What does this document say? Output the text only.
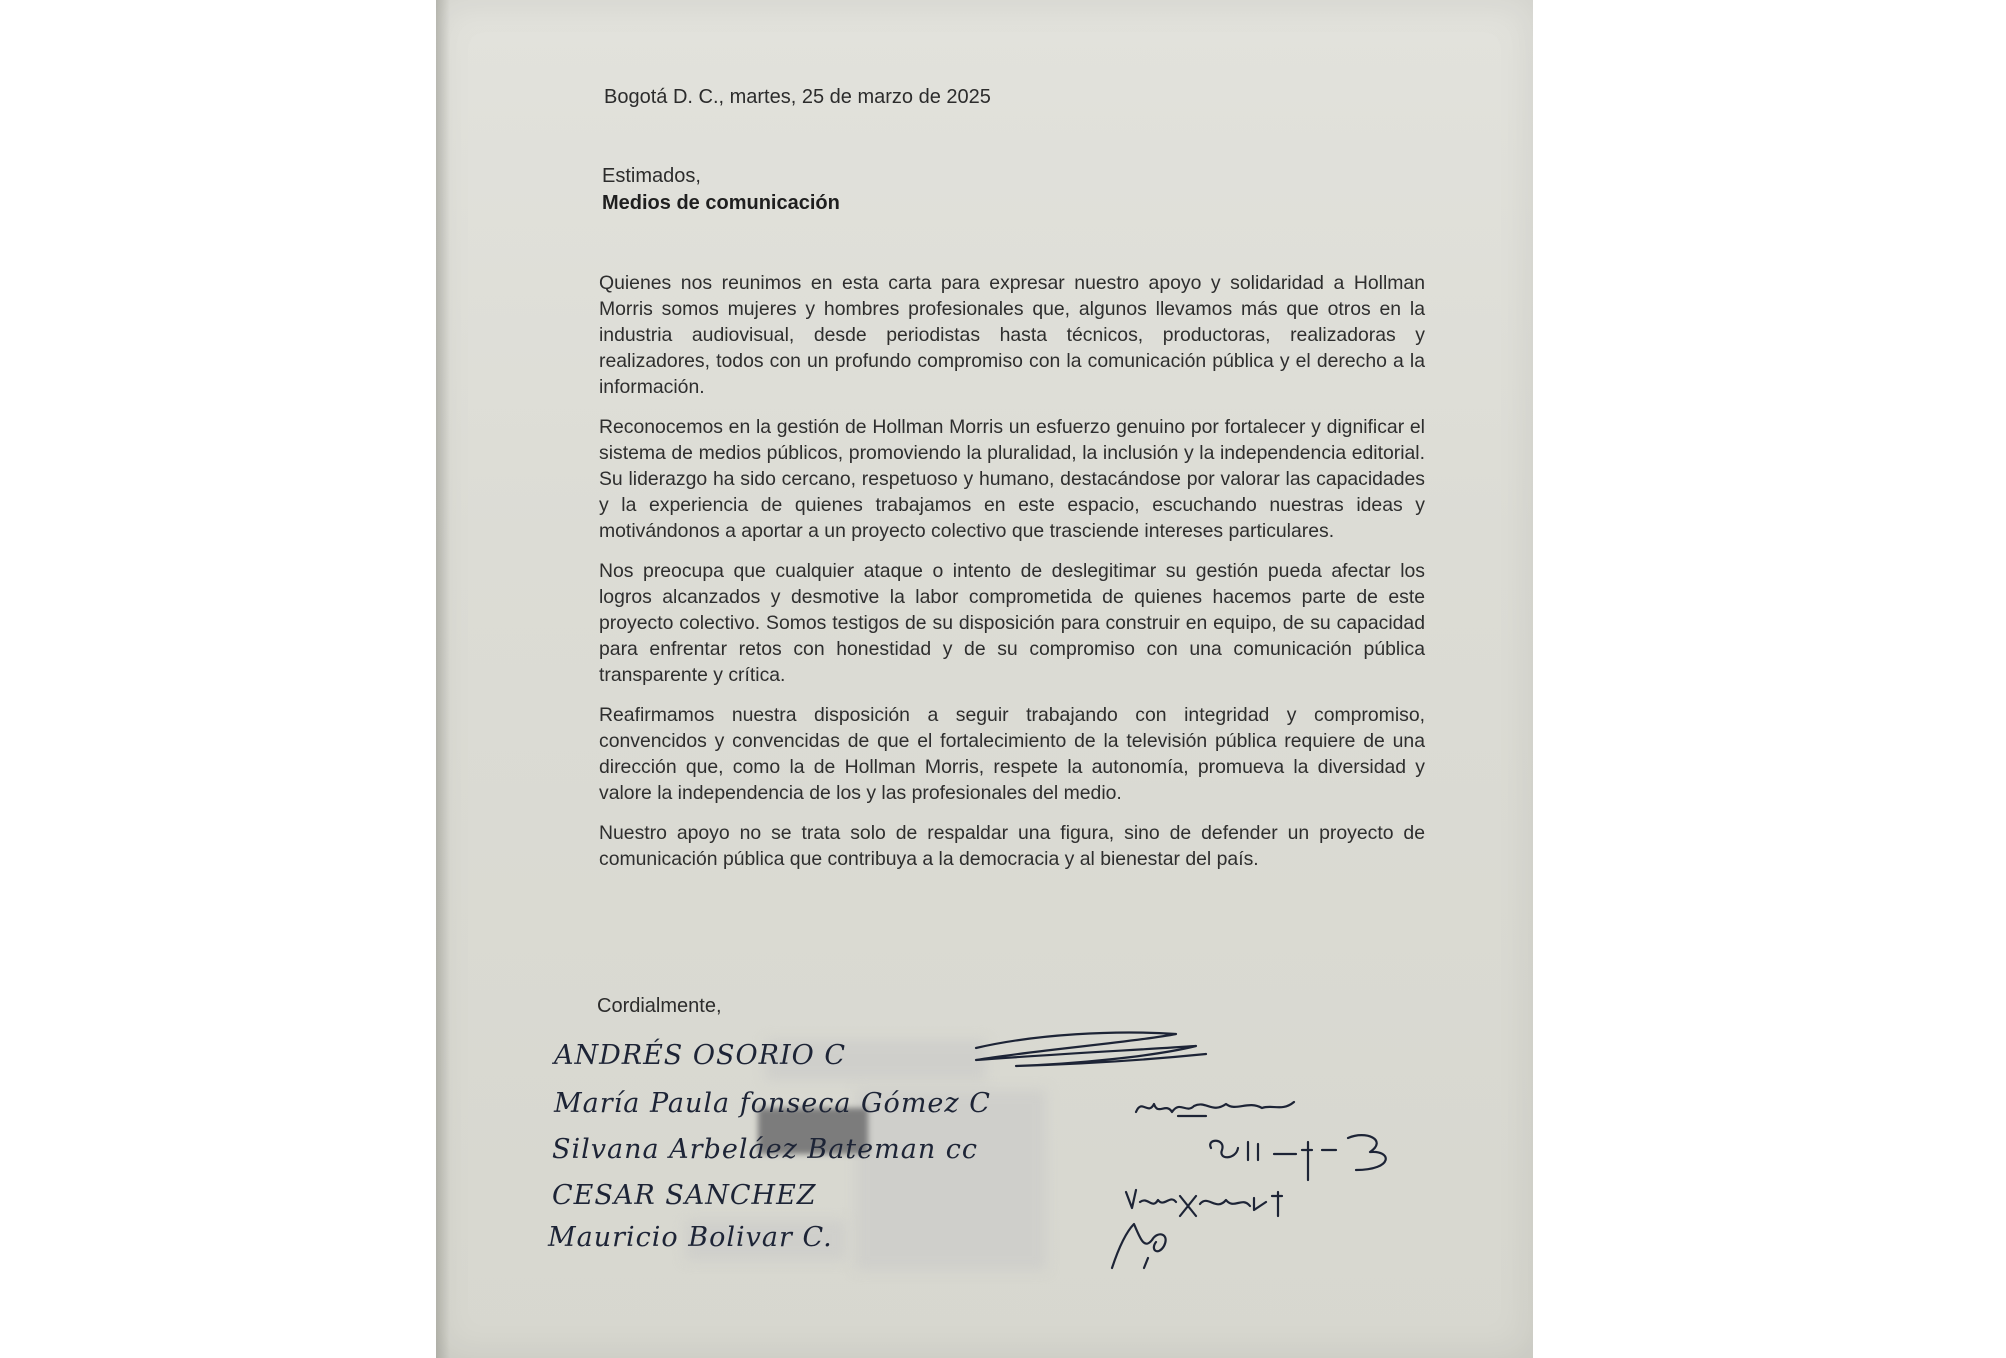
Bogotá D. C., martes, 25 de marzo de 2025
Estimados,
Medios de comunicación

Quienes nos reunimos en esta carta para expresar nuestro apoyo y solidaridad a Hollman Morris somos mujeres y hombres profesionales que, algunos llevamos más que otros en la industria audiovisual, desde periodistas hasta técnicos, productoras, realizadoras y realizadores, todos con un profundo compromiso con la comunicación pública y el derecho a la información.

Reconocemos en la gestión de Hollman Morris un esfuerzo genuino por fortalecer y dignificar el sistema de medios públicos, promoviendo la pluralidad, la inclusión y la independencia editorial. Su liderazgo ha sido cercano, respetuoso y humano, destacándose por valorar las capacidades y la experiencia de quienes trabajamos en este espacio, escuchando nuestras ideas y motivándonos a aportar a un proyecto colectivo que trasciende intereses particulares.

Nos preocupa que cualquier ataque o intento de deslegitimar su gestión pueda afectar los logros alcanzados y desmotive la labor comprometida de quienes hacemos parte de este proyecto colectivo. Somos testigos de su disposición para construir en equipo, de su capacidad para enfrentar retos con honestidad y de su compromiso con una comunicación pública transparente y crítica.

Reafirmamos nuestra disposición a seguir trabajando con integridad y compromiso, convencidos y convencidas de que el fortalecimiento de la televisión pública requiere de una dirección que, como la de Hollman Morris, respete la autonomía, promueva la diversidad y valore la independencia de los y las profesionales del medio.

Nuestro apoyo no se trata solo de respaldar una figura, sino de defender un proyecto de comunicación pública que contribuya a la democracia y al bienestar del país.

Cordialmente,
ANDRÉS OSORIO C
María Paula fonseca Gómez C
Silvana Arbeláez Bateman cc
CESAR SANCHEZ
Mauricio Bolivar C.
